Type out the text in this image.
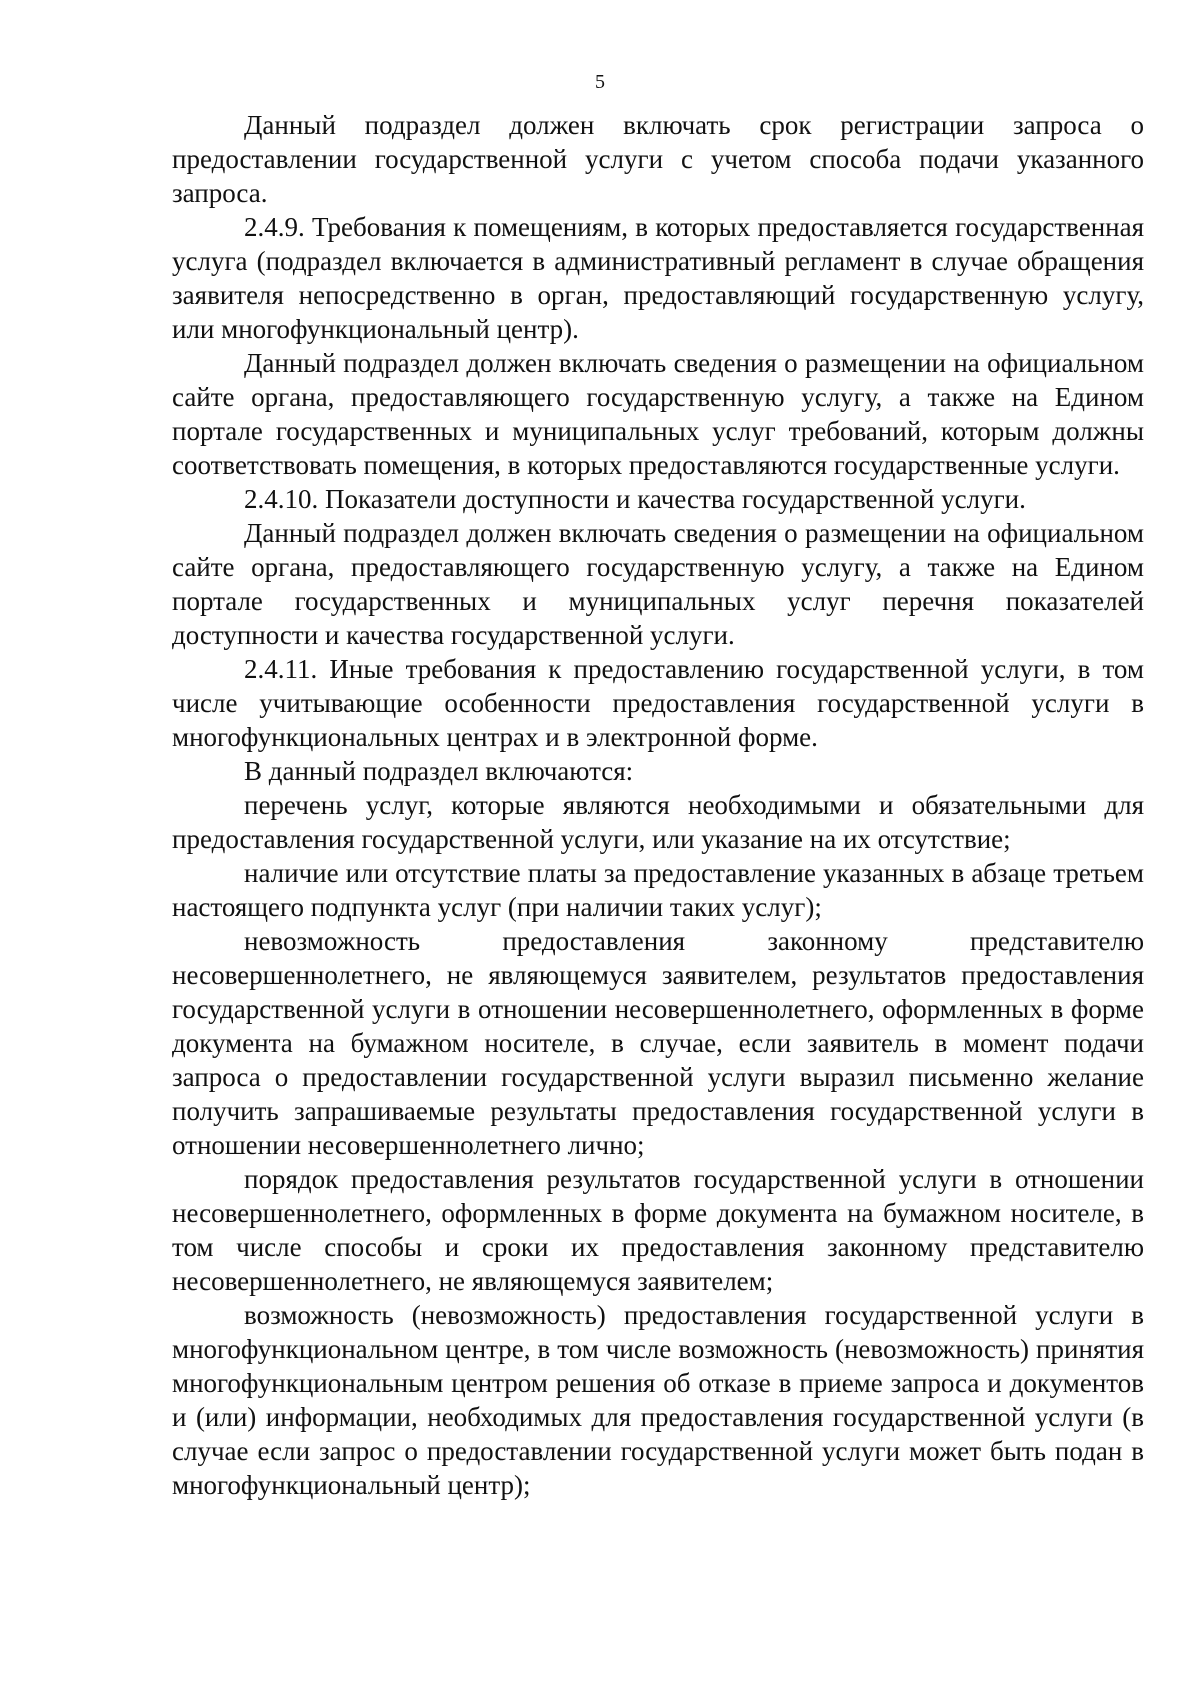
5

Данный подраздел должен включать срок регистрации запроса о предоставлении государственной услуги с учетом способа подачи указанного запроса.

2.4.9. Требования к помещениям, в которых предоставляется государственная услуга (подраздел включается в административный регламент в случае обращения заявителя непосредственно в орган, предоставляющий государственную услугу, или многофункциональный центр).

Данный подраздел должен включать сведения о размещении на официальном сайте органа, предоставляющего государственную услугу, а также на Едином портале государственных и муниципальных услуг требований, которым должны соответствовать помещения, в которых предоставляются государственные услуги.

2.4.10. Показатели доступности и качества государственной услуги.

Данный подраздел должен включать сведения о размещении на официальном сайте органа, предоставляющего государственную услугу, а также на Едином портале государственных и муниципальных услуг перечня показателей доступности и качества государственной услуги.

2.4.11. Иные требования к предоставлению государственной услуги, в том числе учитывающие особенности предоставления государственной услуги в многофункциональных центрах и в электронной форме.

В данный подраздел включаются:

перечень услуг, которые являются необходимыми и обязательными для предоставления государственной услуги, или указание на их отсутствие;

наличие или отсутствие платы за предоставление указанных в абзаце третьем настоящего подпункта услуг (при наличии таких услуг);

невозможность предоставления законному представителю несовершеннолетнего, не являющемуся заявителем, результатов предоставления государственной услуги в отношении несовершеннолетнего, оформленных в форме документа на бумажном носителе, в случае, если заявитель в момент подачи запроса о предоставлении государственной услуги выразил письменно желание получить запрашиваемые результаты предоставления государственной услуги в отношении несовершеннолетнего лично;

порядок предоставления результатов государственной услуги в отношении несовершеннолетнего, оформленных в форме документа на бумажном носителе, в том числе способы и сроки их предоставления законному представителю несовершеннолетнего, не являющемуся заявителем;

возможность (невозможность) предоставления государственной услуги в многофункциональном центре, в том числе возможность (невозможность) принятия многофункциональным центром решения об отказе в приеме запроса и документов и (или) информации, необходимых для предоставления государственной услуги (в случае если запрос о предоставлении государственной услуги может быть подан в многофункциональный центр);
